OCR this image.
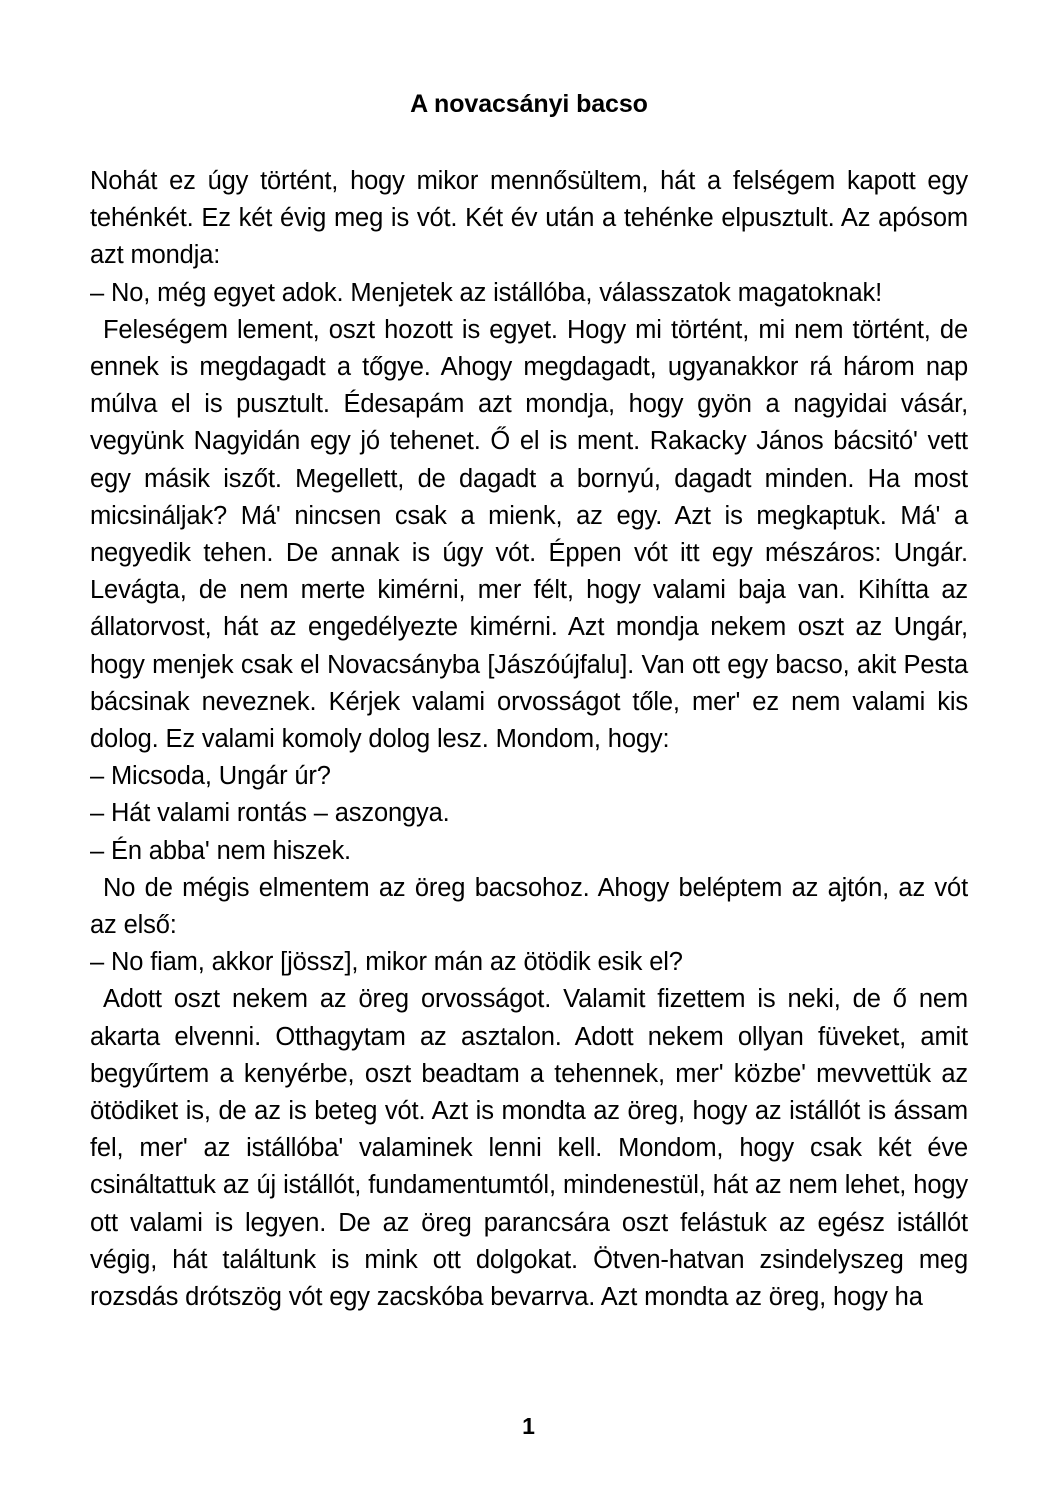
A novacsányi bacso

Nohát ez úgy történt, hogy mikor mennősültem, hát a felségem kapott egy tehénkét. Ez két évig meg is vót. Két év után a tehénke elpusztult. Az apósom azt mondja:

– No, még egyet adok. Menjetek az istállóba, válasszatok magatoknak!

Feleségem lement, oszt hozott is egyet. Hogy mi történt, mi nem történt, de ennek is megdagadt a tőgye. Ahogy megdagadt, ugyanakkor rá három nap múlva el is pusztult. Édesapám azt mondja, hogy gyön a nagyidai vásár, vegyünk Nagyidán egy jó tehenet. Ő el is ment. Rakacky János bácsitó' vett egy másik iszőt. Megellett, de dagadt a bornyú, dagadt minden. Ha most micsináljak? Má' nincsen csak a mienk, az egy. Azt is megkaptuk. Má' a negyedik tehen. De annak is úgy vót. Éppen vót itt egy mészáros: Ungár. Levágta, de nem merte kimérni, mer félt, hogy valami baja van. Kihítta az állatorvost, hát az engedélyezte kimérni. Azt mondja nekem oszt az Ungár, hogy menjek csak el Novacsányba [Jászóújfalu]. Van ott egy bacso, akit Pesta bácsinak neveznek. Kérjek valami orvosságot tőle, mer' ez nem valami kis dolog. Ez valami komoly dolog lesz. Mondom, hogy:

– Micsoda, Ungár úr?

– Hát valami rontás – aszongya.

– Én abba' nem hiszek.

No de mégis elmentem az öreg bacsohoz. Ahogy beléptem az ajtón, az vót az első:

– No fiam, akkor [jössz], mikor mán az ötödik esik el?

Adott oszt nekem az öreg orvosságot. Valamit fizettem is neki, de ő nem akarta elvenni. Otthagytam az asztalon. Adott nekem ollyan füveket, amit begyűrtem a kenyérbe, oszt beadtam a tehennek, mer' közbe' mevvettük az ötödiket is, de az is beteg vót. Azt is mondta az öreg, hogy az istállót is ássam fel, mer' az istállóba' valaminek lenni kell. Mondom, hogy csak két éve csináltattuk az új istállót, fundamentumtól, mindenestül, hát az nem lehet, hogy ott valami is legyen. De az öreg parancsára oszt felástuk az egész istállót végig, hát találtunk is mink ott dolgokat. Ötven-hatvan zsindelyszeg meg rozsdás drótszög vót egy zacskóba bevarrva. Azt mondta az öreg, hogy ha

1
